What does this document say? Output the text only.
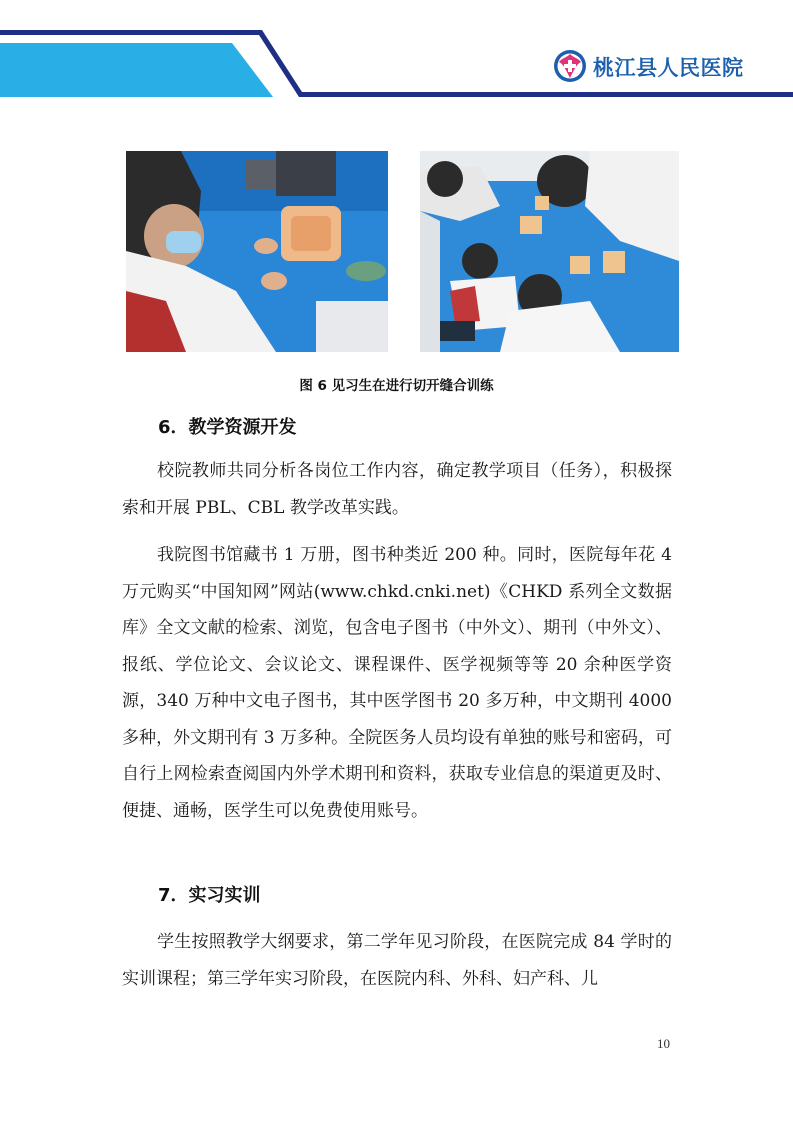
桃江县人民医院
图 6 见习生在进行切开缝合训练
6．教学资源开发

校院教师共同分析各岗位工作内容，确定教学项目（任务），积极探索和开展 PBL、CBL 教学改革实践。

我院图书馆藏书 1 万册，图书种类近 200 种。同时，医院每年花 4 万元购买“中国知网”网站(www.chkd.cnki.net)《CHKD 系列全文数据库》全文文献的检索、浏览，包含电子图书（中外文）、期刊（中外文）、报纸、学位论文、会议论文、课程课件、医学视频等等 20 余种医学资源，340 万种中文电子图书，其中医学图书 20 多万种，中文期刊 4000 多种，外文期刊有 3 万多种。全院医务人员均设有单独的账号和密码，可自行上网检索查阅国内外学术期刊和资料，获取专业信息的渠道更及时、便捷、通畅，医学生可以免费使用账号。

7．实习实训

学生按照教学大纲要求，第二学年见习阶段，在医院完成 84 学时的实训课程；第三学年实习阶段，在医院内科、外科、妇产科、儿

10
